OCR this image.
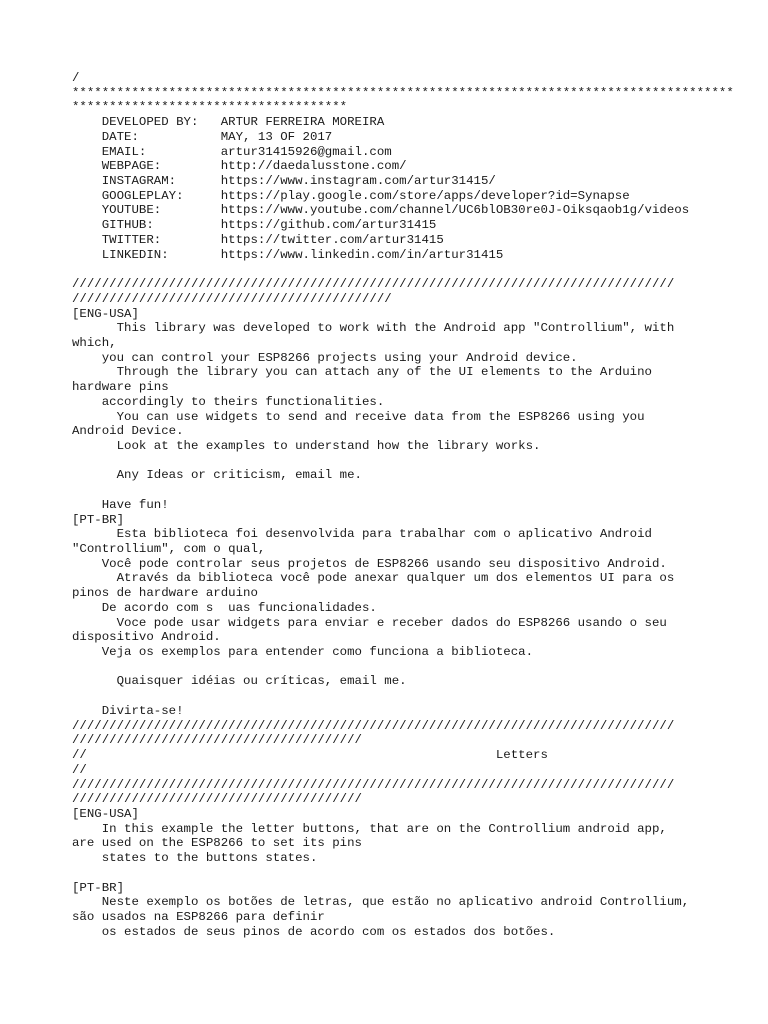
/
*****************************************************************************************
*************************************
DEVELOPED BY:   ARTUR FERREIRA MOREIRA
DATE:           MAY, 13 OF 2017
EMAIL:          artur31415926@gmail.com
WEBPAGE:        http://daedalusstone.com/
INSTAGRAM:      https://www.instagram.com/artur31415/
GOOGLEPLAY:     https://play.google.com/store/apps/developer?id=Synapse
YOUTUBE:        https://www.youtube.com/channel/UC6blOB30re0J-Oiksqaob1g/videos
GITHUB:         https://github.com/artur31415
TWITTER:        https://twitter.com/artur31415
LINKEDIN:       https://www.linkedin.com/in/artur31415
/////////////////////////////////////////////////////////////////////////////////
///////////////////////////////////////////
[ENG-USA]
This library was developed to work with the Android app "Controllium", with
which,
you can control your ESP8266 projects using your Android device.
Through the library you can attach any of the UI elements to the Arduino
hardware pins
accordingly to theirs functionalities.
You can use widgets to send and receive data from the ESP8266 using you
Android Device.
Look at the examples to understand how the library works.
Any Ideas or criticism, email me.
Have fun!
[PT-BR]
Esta biblioteca foi desenvolvida para trabalhar com o aplicativo Android
"Controllium", com o qual,
Você pode controlar seus projetos de ESP8266 usando seu dispositivo Android.
Através da biblioteca você pode anexar qualquer um dos elementos UI para os
pinos de hardware arduino
De acordo com s  uas funcionalidades.
Voce pode usar widgets para enviar e receber dados do ESP8266 usando o seu
dispositivo Android.
Veja os exemplos para entender como funciona a biblioteca.
Quaisquer idéias ou críticas, email me.
Divirta-se!
/////////////////////////////////////////////////////////////////////////////////
///////////////////////////////////////
//                                                       Letters
//
/////////////////////////////////////////////////////////////////////////////////
///////////////////////////////////////
[ENG-USA]
In this example the letter buttons, that are on the Controllium android app,
are used on the ESP8266 to set its pins
states to the buttons states.
[PT-BR]
Neste exemplo os botões de letras, que estão no aplicativo android Controllium,
são usados na ESP8266 para definir
os estados de seus pinos de acordo com os estados dos botões.
